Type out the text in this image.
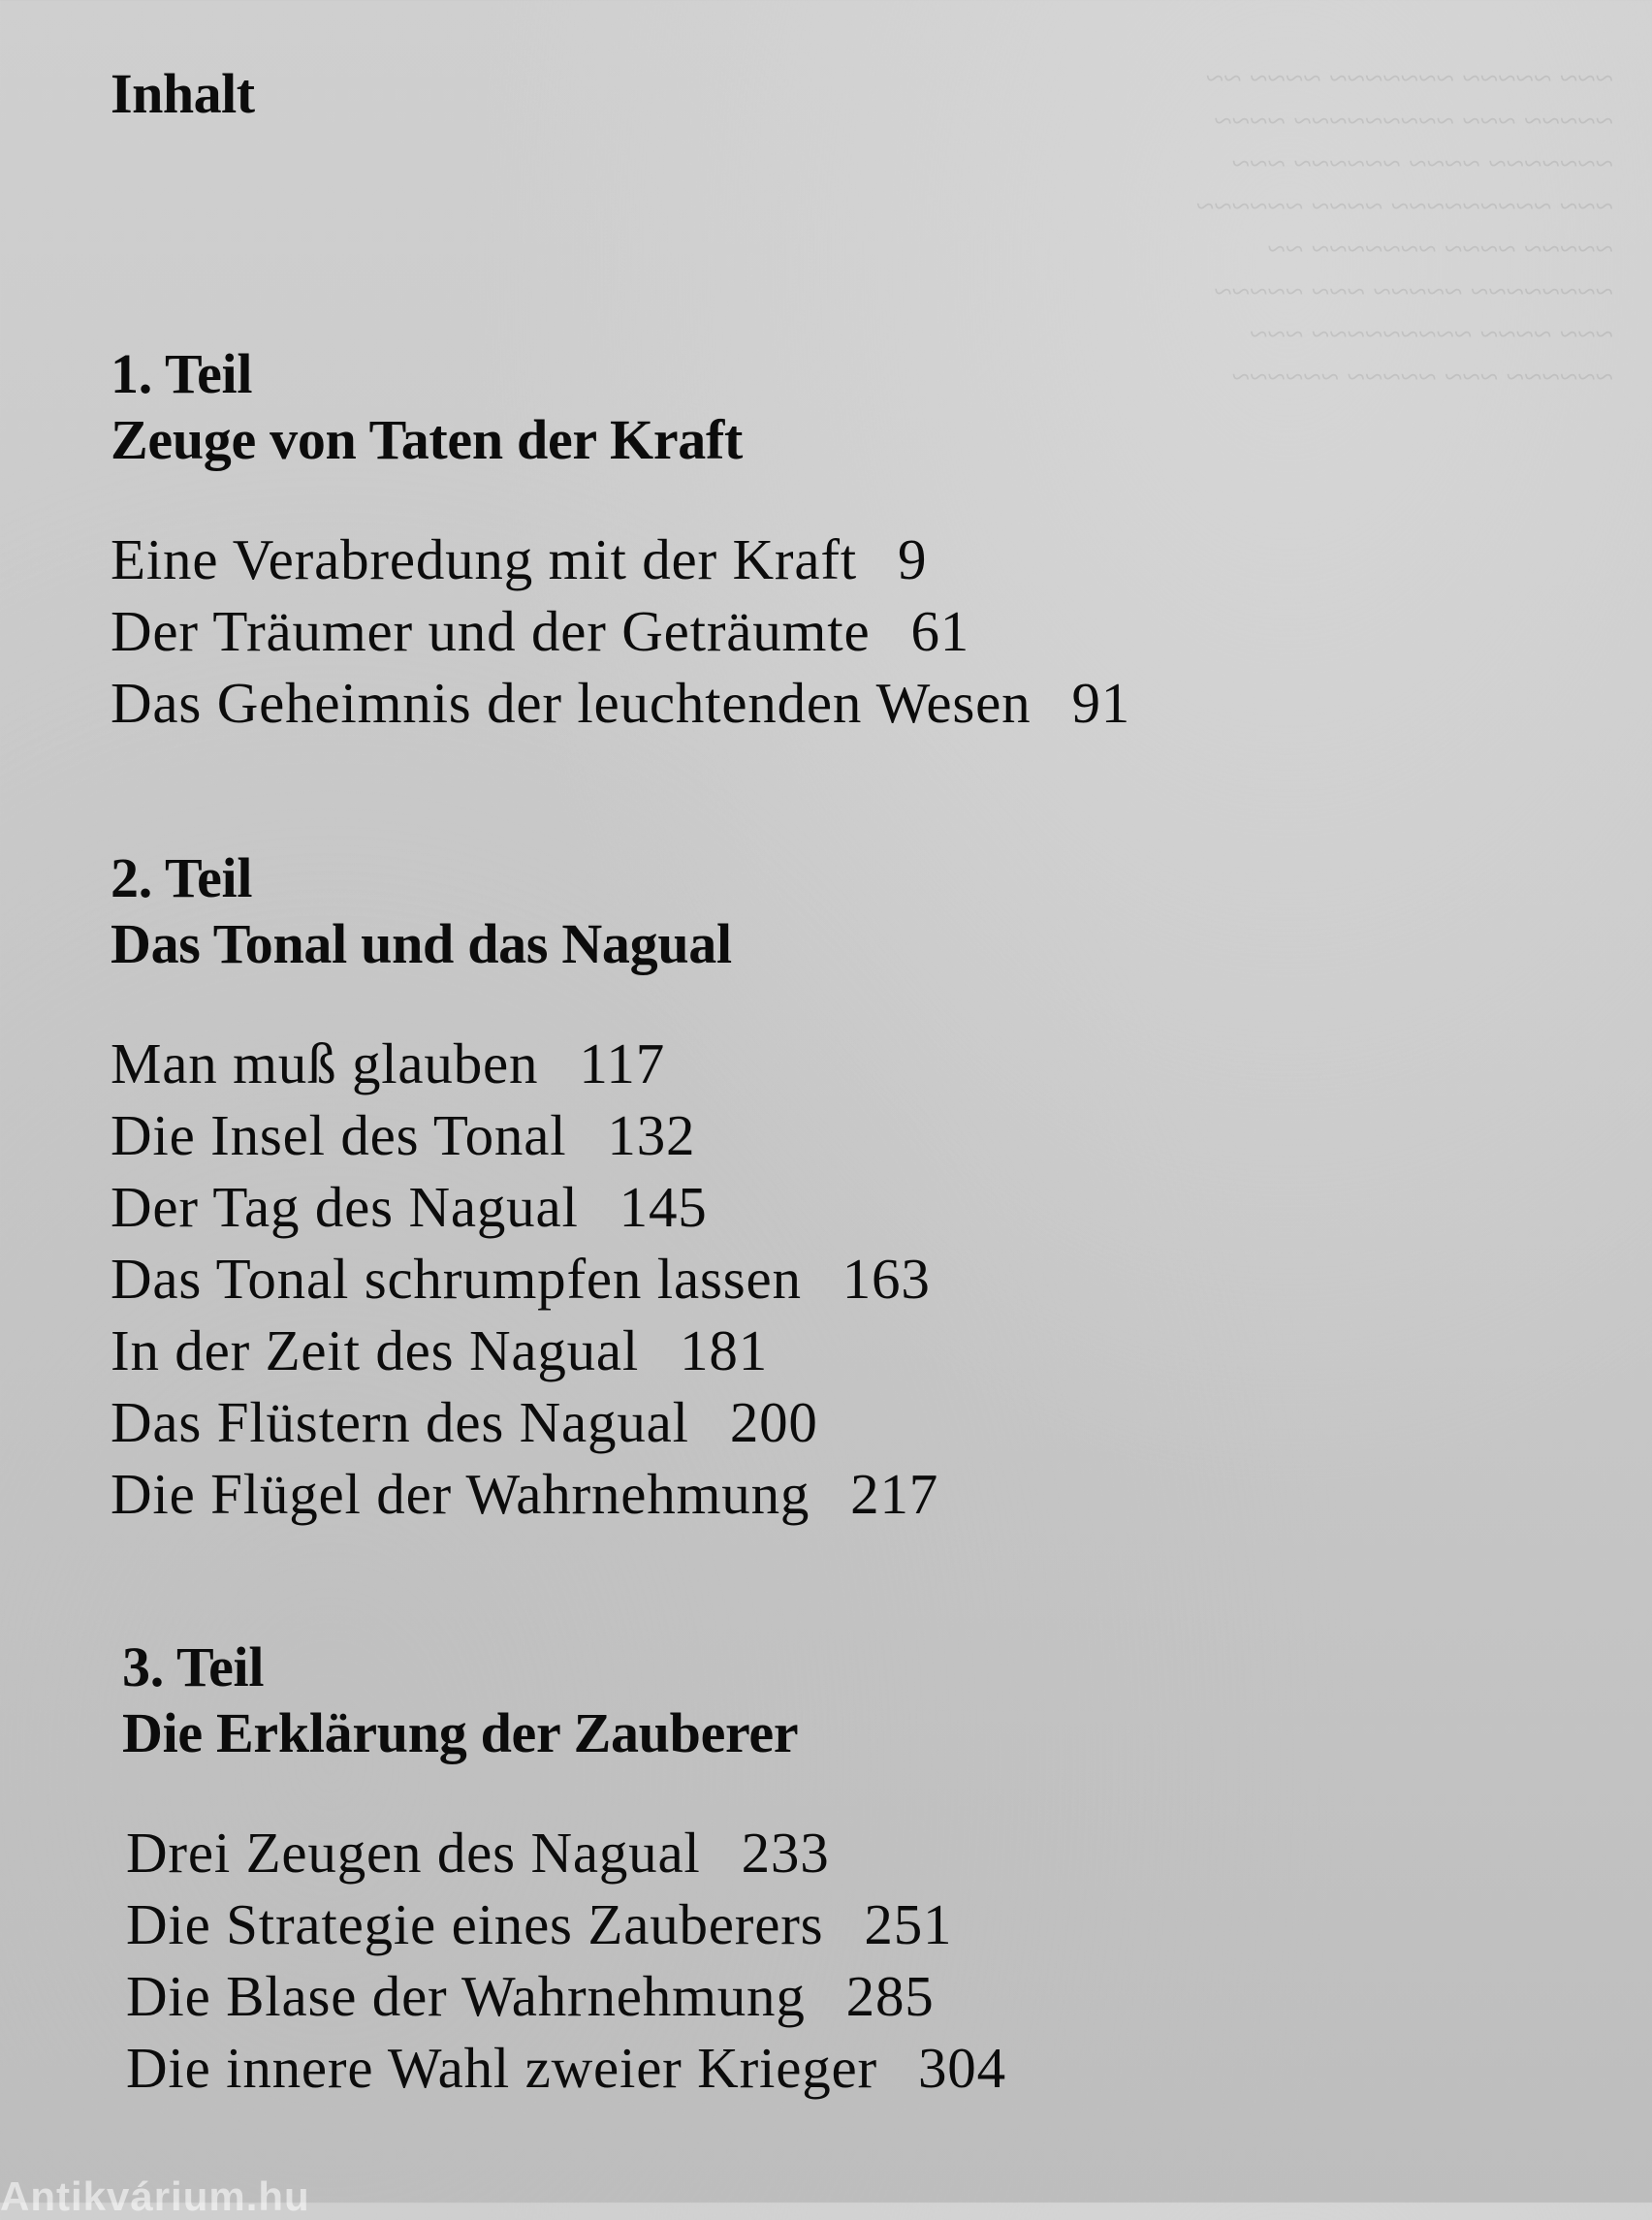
~~~ ~~~~~ ~~~~~~~ ~~~~ ~~
~~~~~ ~~~ ~~~~~~~~~ ~~~~
~~~~~~~ ~~~~ ~~~~~~ ~~~
~~~ ~~~~~~~~~ ~~~~ ~~~~~~
~~~~~ ~~~~ ~~~~~~~ ~~
~~~~~~~~ ~~~~~ ~~~ ~~~~~
~~~ ~~~~ ~~~~~~~~~ ~~~
~~~~~~ ~~~ ~~~~~ ~~~~~~
Inhalt
1. Teil
Zeuge von Taten der Kraft
Eine Verabredung mit der Kraft 9
Der Träumer und der Geträumte 61
Das Geheimnis der leuchtenden Wesen 91
2. Teil
Das Tonal und das Nagual
Man muß glauben 117
Die Insel des Tonal 132
Der Tag des Nagual 145
Das Tonal schrumpfen lassen 163
In der Zeit des Nagual 181
Das Flüstern des Nagual 200
Die Flügel der Wahrnehmung 217
3. Teil
Die Erklärung der Zauberer
Drei Zeugen des Nagual 233
Die Strategie eines Zauberers 251
Die Blase der Wahrnehmung 285
Die innere Wahl zweier Krieger 304
Antikvárium.hu
